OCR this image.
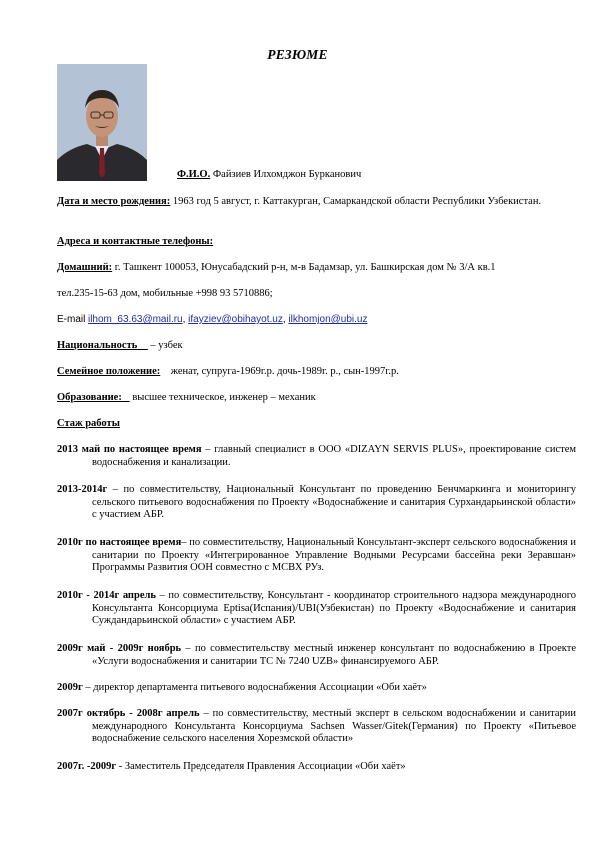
РЕЗЮМЕ
Ф.И.О. Файзиев Илхомджон Бурканович
Дата и место рождения: 1963 год 5 август, г. Каттакурган, Самаркандской области Республики Узбекистан.
Адреса и контактные телефоны:
Домашний: г. Ташкент 100053, Юнусабадский р-н, м-в Бадамзар, ул. Башкирская дом № 3/А кв.1
тел.235-15-63 дом, мобильные +998 93 5710886;
E-mail ilhom_63.63@mail.ru, ifayziev@obihayot.uz, ilkhomjon@ubi.uz
Национальность – узбек
Семейное положение: женат, супруга-1969г.р. дочь-1989г. р., сын-1997г.р.
Образование: высшее техническое, инженер – механик
Стаж работы
2013 май по настоящее время – главный специалист в ООО «DIZAYN SERVIS PLUS», проектирование систем водоснабжения и канализации.
2013-2014г – по совместительству, Национальный Консультант по проведению Бенчмаркинга и мониторингу сельского питьевого водоснабжения по Проекту «Водоснабжение и санитария Сурхандарьинской области» с участием АБР.
2010г по настоящее время– по совместительству, Национальный Консультант-эксперт сельского водоснабжения и санитарии по Проекту «Интегрированное Управление Водными Ресурсами бассейна реки Зеравшан» Программы Развития ООН совместно с МСВХ РУз.
2010г - 2014г апрель – по совместительству, Консультант - координатор строительного надзора международного Консультанта Консорциума Eptisa(Испания)/UBI(Узбекистан) по Проекту «Водоснабжение и санитария Суждандарьинской области» с участием АБР.
2009г май - 2009г ноябрь – по совместительству местный инженер консультант по водоснабжению в Проекте «Услуги водоснабжения и санитарии ТС № 7240 UZB» финансируемого АБР.
2009г – директор департамента питьевого водоснабжения Ассоциации «Оби хаёт»
2007г октябрь - 2008г апрель – по совместительству, местный эксперт в сельском водоснабжении и санитарии международного Консультанта Консорциума Sachsen Wasser/Gitek(Германия) по Проекту «Питьевое водоснабжение сельского населения Хорезмской области»
2007г. -2009г - Заместитель Председателя Правления Ассоциации «Оби хаёт»
